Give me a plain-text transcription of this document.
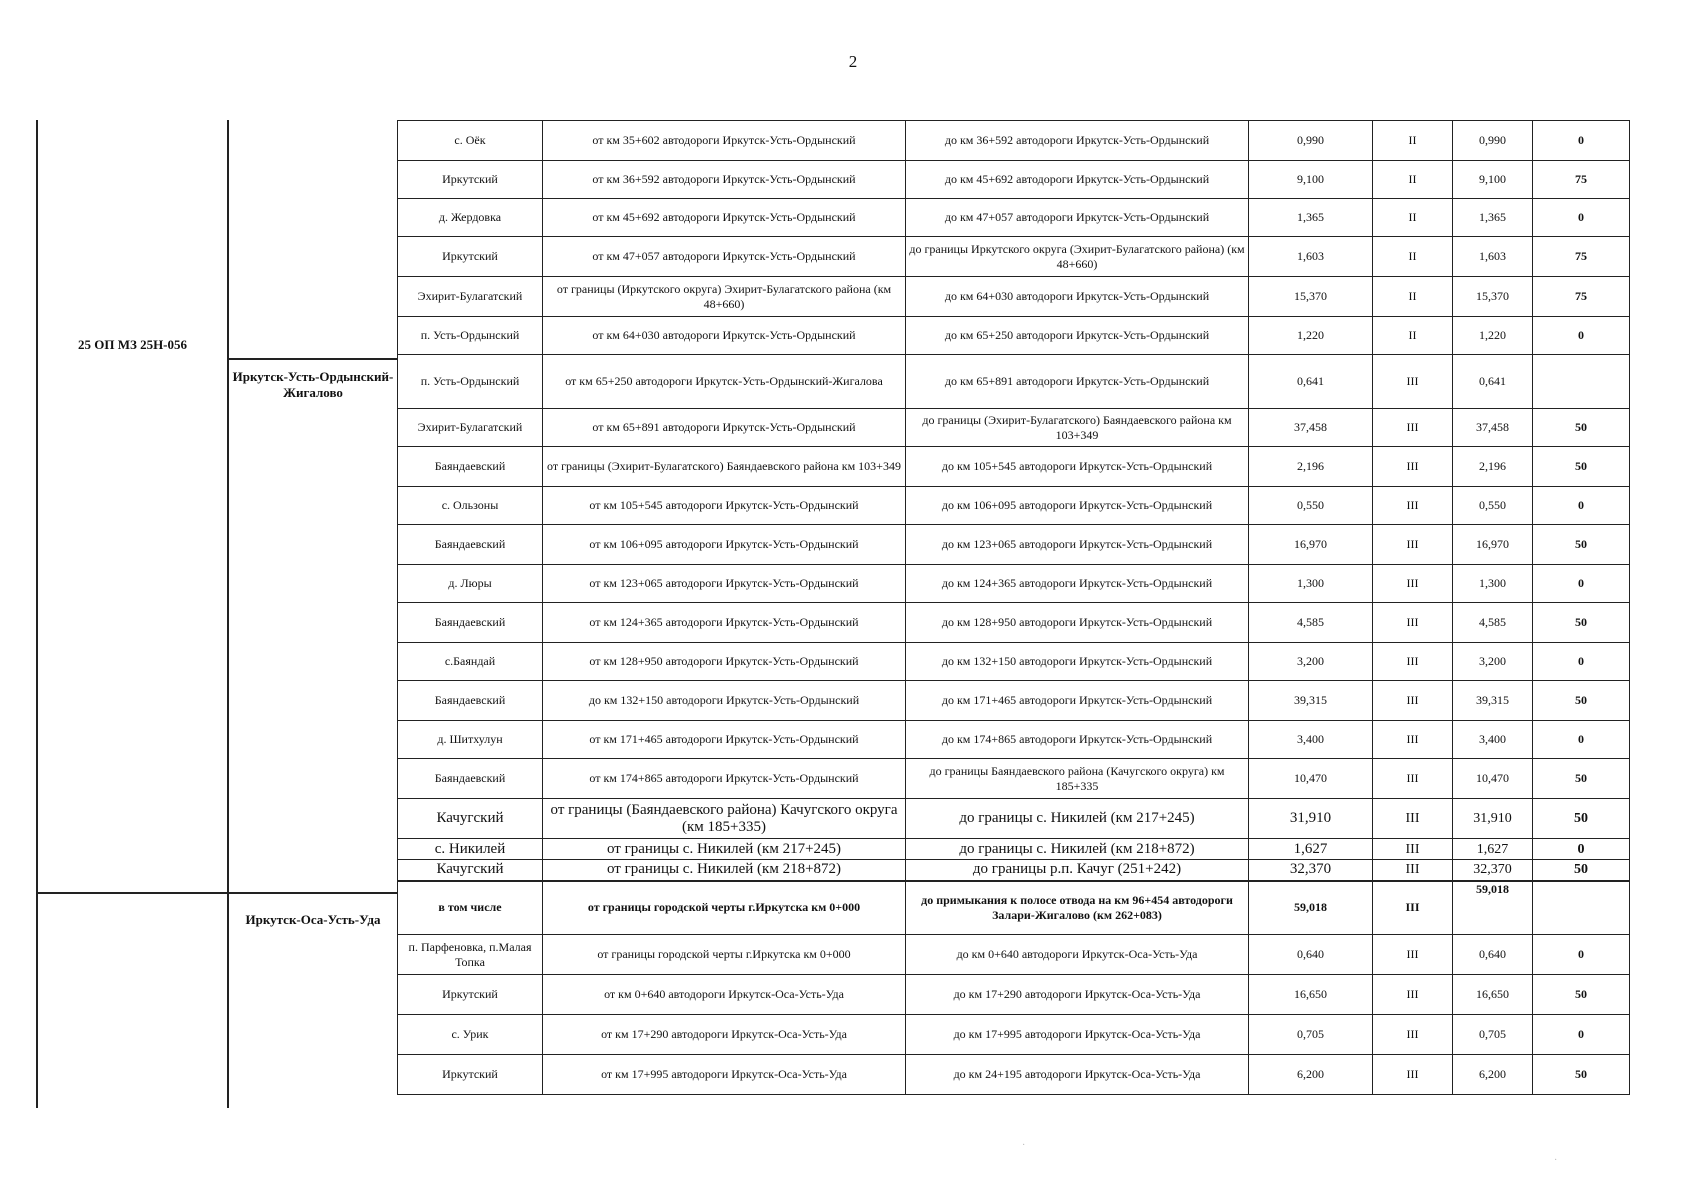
2
25 ОП МЗ 25Н-056
Иркутск-Усть-Ордынский-Жигалово
Иркутск-Оса-Усть-Уда
с. Оёк	от км 35+602 автодороги Иркутск-Усть-Ордынский	до км 36+592 автодороги Иркутск-Усть-Ордынский	0,990	II	0,990	0
Иркутский	от км 36+592 автодороги Иркутск-Усть-Ордынский	до км 45+692 автодороги Иркутск-Усть-Ордынский	9,100	II	9,100	75
д. Жердовка	от км 45+692 автодороги Иркутск-Усть-Ордынский	до км 47+057 автодороги Иркутск-Усть-Ордынский	1,365	II	1,365	0
Иркутский	от км 47+057 автодороги Иркутск-Усть-Ордынский	до границы Иркутского округа (Эхирит-Булагатского района) (км 48+660)	1,603	II	1,603	75
Эхирит-Булагатский	от границы (Иркутского округа) Эхирит-Булагатского района (км 48+660)	до км 64+030 автодороги Иркутск-Усть-Ордынский	15,370	II	15,370	75
п. Усть-Ордынский	от км 64+030 автодороги Иркутск-Усть-Ордынский	до км 65+250 автодороги Иркутск-Усть-Ордынский	1,220	II	1,220	0
п. Усть-Ордынский	от км 65+250 автодороги Иркутск-Усть-Ордынский-Жигалова	до км 65+891 автодороги Иркутск-Усть-Ордынский	0,641	III	0,641	
Эхирит-Булагатский	от км 65+891 автодороги Иркутск-Усть-Ордынский	до границы (Эхирит-Булагатского) Баяндаевского района км 103+349	37,458	III	37,458	50
Баяндаевский	от границы (Эхирит-Булагатского) Баяндаевского района км 103+349	до км 105+545 автодороги Иркутск-Усть-Ордынский	2,196	III	2,196	50
с. Ользоны	от км 105+545 автодороги Иркутск-Усть-Ордынский	до км 106+095 автодороги Иркутск-Усть-Ордынский	0,550	III	0,550	0
Баяндаевский	от км 106+095 автодороги Иркутск-Усть-Ордынский	до км 123+065 автодороги Иркутск-Усть-Ордынский	16,970	III	16,970	50
д. Люры	от км 123+065 автодороги Иркутск-Усть-Ордынский	до км 124+365 автодороги Иркутск-Усть-Ордынский	1,300	III	1,300	0
Баяндаевский	от км 124+365 автодороги Иркутск-Усть-Ордынский	до км 128+950 автодороги Иркутск-Усть-Ордынский	4,585	III	4,585	50
с.Баяндай	от км 128+950 автодороги Иркутск-Усть-Ордынский	до км 132+150 автодороги Иркутск-Усть-Ордынский	3,200	III	3,200	0
Баяндаевский	до км 132+150 автодороги Иркутск-Усть-Ордынский	до км 171+465 автодороги Иркутск-Усть-Ордынский	39,315	III	39,315	50
д. Шитхулун	от км 171+465 автодороги Иркутск-Усть-Ордынский	до км 174+865 автодороги Иркутск-Усть-Ордынский	3,400	III	3,400	0
Баяндаевский	от км 174+865 автодороги Иркутск-Усть-Ордынский	до границы Баяндаевского района (Качугского округа) км 185+335	10,470	III	10,470	50
Качугский	от границы (Баяндаевского района) Качугского округа (км 185+335)	до границы с. Никилей (км 217+245)	31,910	III	31,910	50
с. Никилей	от границы с. Никилей (км 217+245)	до границы с. Никилей (км 218+872)	1,627	III	1,627	0
Качугский	от границы с. Никилей (км 218+872)	до границы р.п. Качуг (251+242)	32,370	III	32,370	50
в том числе	от границы городской черты г.Иркутска км 0+000	до примыкания к полосе отвода на км 96+454 автодороги Залари-Жигалово (км 262+083)	59,018	III	59,018	
п. Парфеновка, п.Малая Топка	от границы городской черты г.Иркутска км 0+000	до км 0+640 автодороги Иркутск-Оса-Усть-Уда	0,640	III	0,640	0
Иркутский	от км 0+640 автодороги Иркутск-Оса-Усть-Уда	до км 17+290 автодороги Иркутск-Оса-Усть-Уда	16,650	III	16,650	50
с. Урик	от км 17+290 автодороги Иркутск-Оса-Усть-Уда	до км 17+995 автодороги Иркутск-Оса-Усть-Уда	0,705	III	0,705	0
Иркутский	от км 17+995 автодороги Иркутск-Оса-Усть-Уда	до км 24+195 автодороги Иркутск-Оса-Усть-Уда	6,200	III	6,200	50
·
·
